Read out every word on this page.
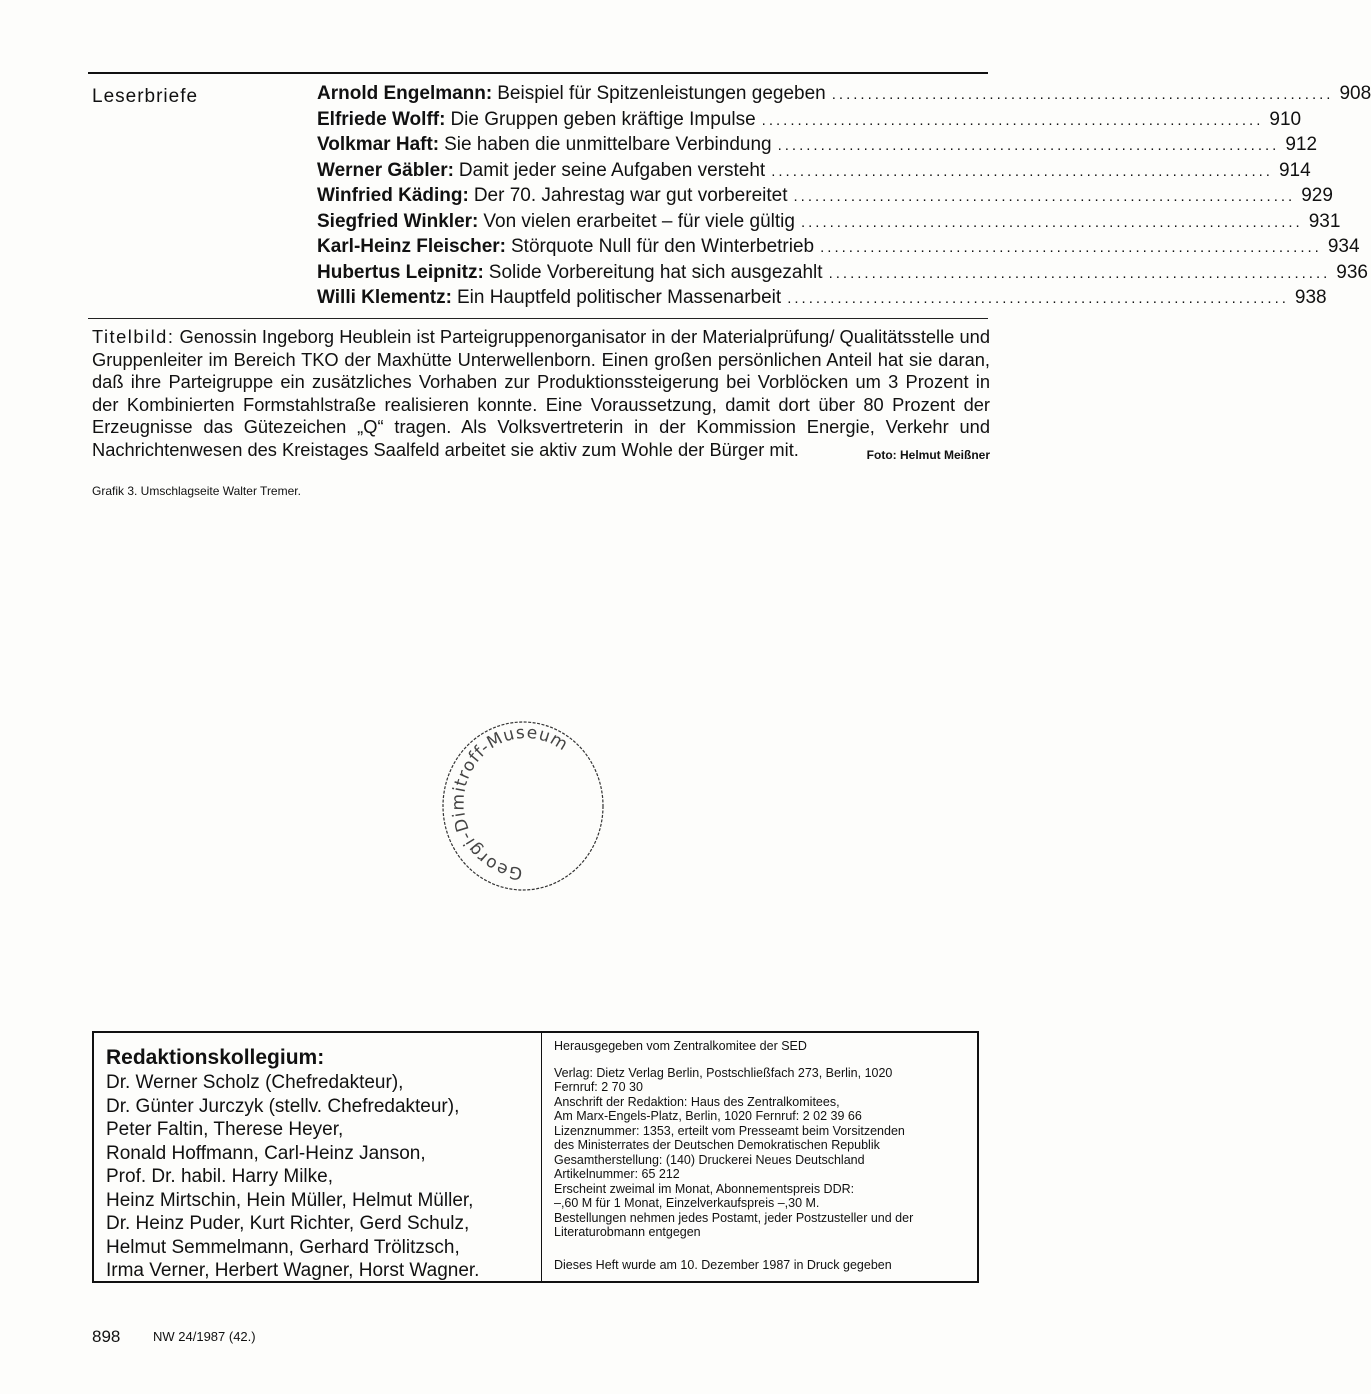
Leserbriefe	Arnold Engelmann : Beispiel für Spitzenleistungen gegeben ...................................................................... 908
Elfriede Wolff : Die Gruppen geben kräftige Impulse ...................................................................... 910
Volkmar Haft : Sie haben die unmittelbare Verbindung ...................................................................... 912
Werner Gäbler : Damit jeder seine Aufgaben versteht ...................................................................... 914
Winfried Käding : Der 70. Jahrestag war gut vorbereitet ...................................................................... 929
Siegfried Winkler : Von vielen erarbeitet – für viele gültig ...................................................................... 931
Karl-Heinz Fleischer : Störquote Null für den Winterbetrieb ...................................................................... 934
Hubertus Leipnitz : Solide Vorbereitung hat sich ausgezahlt ...................................................................... 936
Willi Klementz : Ein Hauptfeld politischer Massenarbeit ...................................................................... 938
Titelbild: Genossin Ingeborg Heublein ist Parteigruppenorganisator in der Materialprüfung/ Qualitätsstelle und Gruppenleiter im Bereich TKO der Maxhütte Unterwellenborn. Einen großen persönlichen Anteil hat sie daran, daß ihre Parteigruppe ein zusätzliches Vorhaben zur Produktionssteigerung bei Vorblöcken um 3 Prozent in der Kombinierten Formstahlstraße realisieren konnte. Eine Voraussetzung, damit dort über 80 Prozent der Erzeugnisse das Gütezeichen „Q“ tragen. Als Volksvertreterin in der Kommission Energie, Verkehr und Nachrichtenwesen des Kreistages Saalfeld arbeitet sie aktiv zum Wohle der Bürger mit.	Foto: Helmut Meißner
Grafik 3. Umschlagseite Walter Tremer.
Georgi-Dimitroff-Museum
Redaktionskollegium:
Dr. Werner Scholz (Chefredakteur),
Dr. Günter Jurczyk (stellv. Chefredakteur),
Peter Faltin, Therese Heyer,
Ronald Hoffmann, Carl-Heinz Janson,
Prof. Dr. habil. Harry Milke,
Heinz Mirtschin, Hein Müller, Helmut Müller,
Dr. Heinz Puder, Kurt Richter, Gerd Schulz,
Helmut Semmelmann, Gerhard Trölitzsch,
Irma Verner, Herbert Wagner, Horst Wagner.
Herausgegeben vom Zentralkomitee der SED
Verlag: Dietz Verlag Berlin, Postschließfach 273, Berlin, 1020
Fernruf: 2 70 30
Anschrift der Redaktion: Haus des Zentralkomitees,
Am Marx-Engels-Platz, Berlin, 1020 Fernruf: 2 02 39 66
Lizenznummer: 1353, erteilt vom Presseamt beim Vorsitzenden
des Ministerrates der Deutschen Demokratischen Republik
Gesamtherstellung: (140) Druckerei Neues Deutschland
Artikelnummer: 65 212
Erscheint zweimal im Monat, Abonnementspreis DDR:
–,60 M für 1 Monat, Einzelverkaufspreis –,30 M.
Bestellungen nehmen jedes Postamt, jeder Postzusteller und der
Literaturobmann entgegen
Dieses Heft wurde am 10. Dezember 1987 in Druck gegeben
898	NW 24/1987 (42.)
